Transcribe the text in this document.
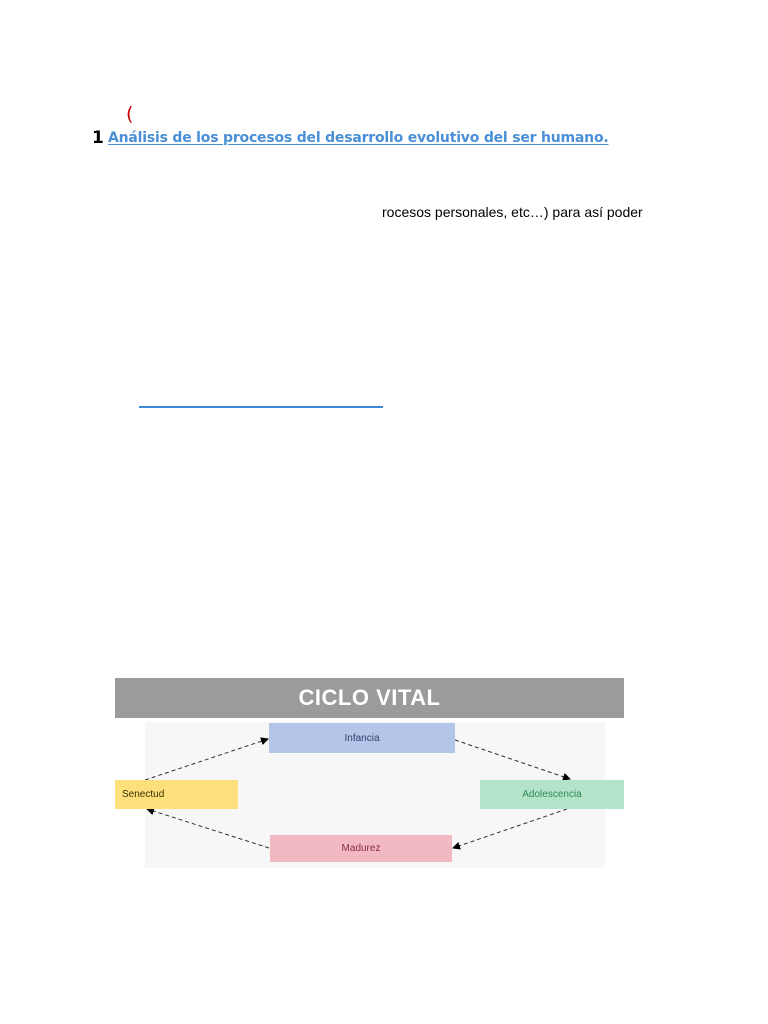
(
1 Análisis de los procesos del desarrollo evolutivo del ser humano.
rocesos personales, etc…) para así poder
CICLO VITAL
Infancia
Adolescencia
Madurez
Senectud
